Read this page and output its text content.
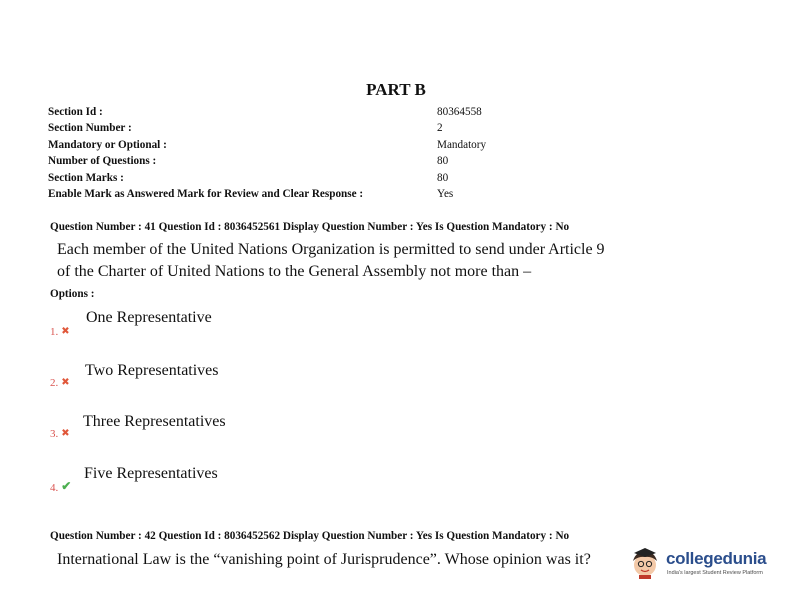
PART B
Section Id :	80364558
Section Number :	2
Mandatory or Optional :	Mandatory
Number of Questions :	80
Section Marks :	80
Enable Mark as Answered Mark for Review and Clear Response :	Yes
Question Number : 41 Question Id : 8036452561 Display Question Number : Yes Is Question Mandatory : No
Each member of the United Nations Organization is permitted to send under Article 9
of the Charter of United Nations to the General Assembly not more than –
Options :
1. ✖
One Representative
2. ✖
Two Representatives
3. ✖
Three Representatives
4. ✔
Five Representatives
Question Number : 42 Question Id : 8036452562 Display Question Number : Yes Is Question Mandatory : No
International Law is the “vanishing point of Jurisprudence”. Whose opinion was it?	collegedunia
India's largest Student Review Platform
